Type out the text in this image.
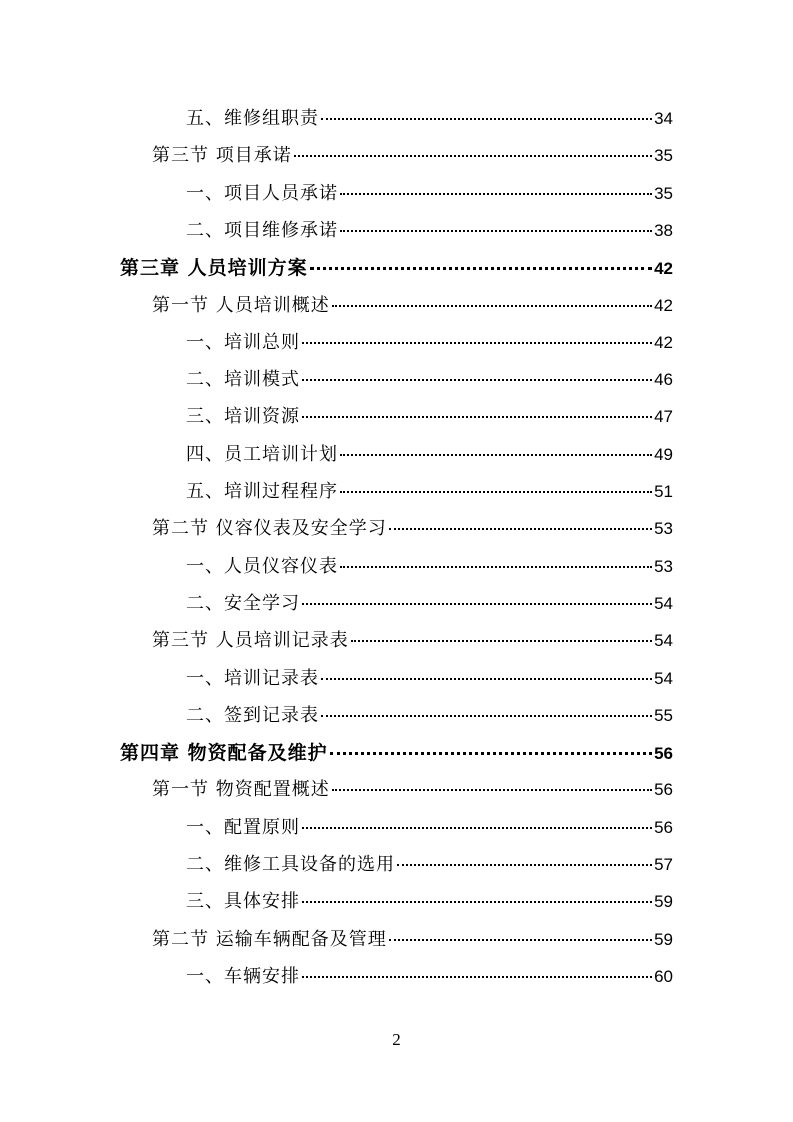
五、维修组职责	34
第三节 项目承诺	35
一、项目人员承诺	35
二、项目维修承诺	38
第三章 人员培训方案	42
第一节 人员培训概述	42
一、培训总则	42
二、培训模式	46
三、培训资源	47
四、员工培训计划	49
五、培训过程程序	51
第二节 仪容仪表及安全学习	53
一、人员仪容仪表	53
二、安全学习	54
第三节 人员培训记录表	54
一、培训记录表	54
二、签到记录表	55
第四章 物资配备及维护	56
第一节 物资配置概述	56
一、配置原则	56
二、维修工具设备的选用	57
三、具体安排	59
第二节 运输车辆配备及管理	59
一、车辆安排	60
2
